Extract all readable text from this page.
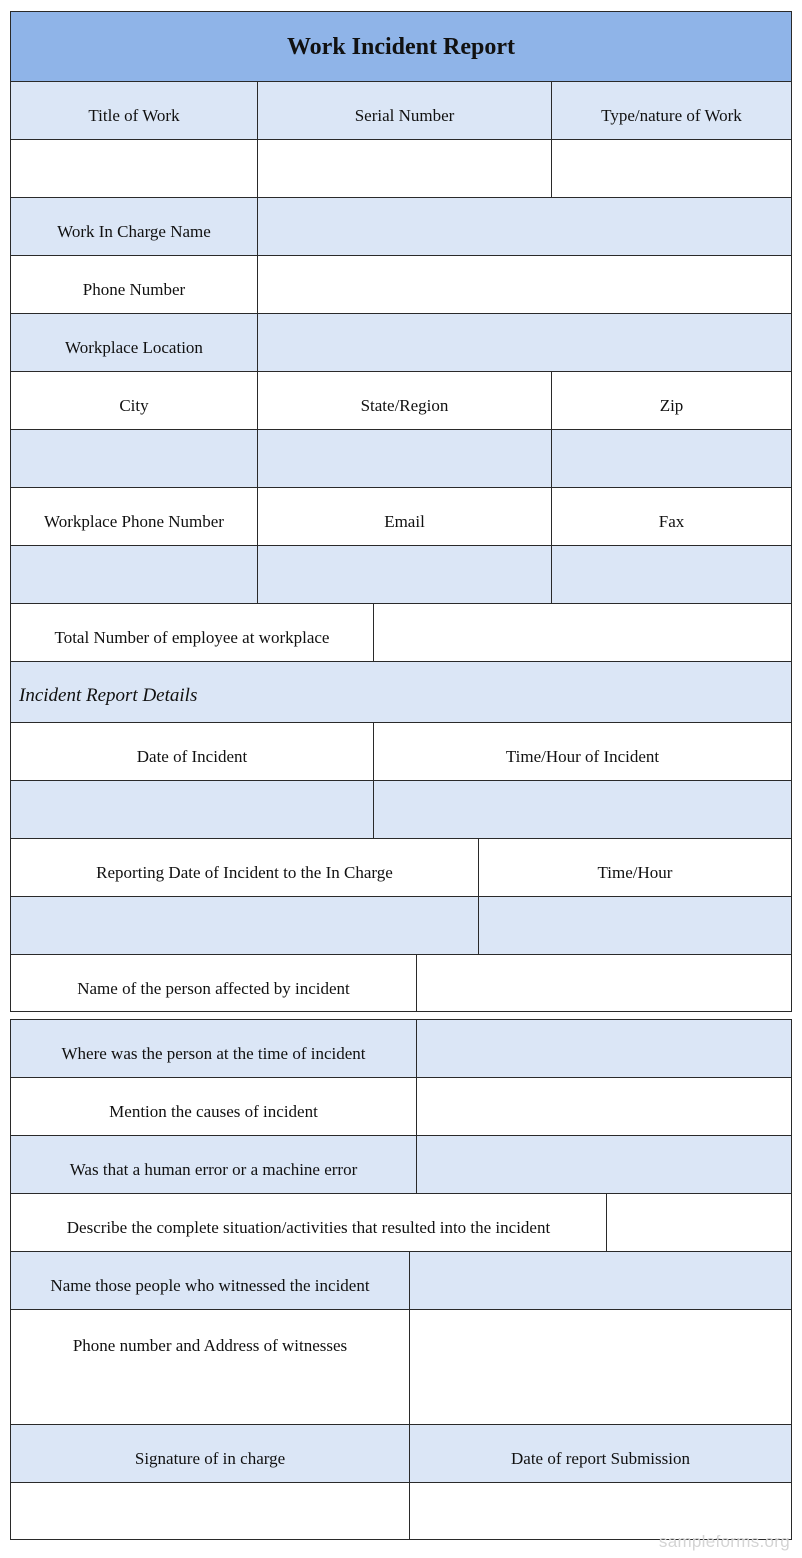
Work Incident Report
Title of Work	Serial Number	Type/nature of Work
Work In Charge Name
Phone Number
Workplace Location
City	State/Region	Zip
Workplace Phone Number	Email	Fax
Total Number of employee at workplace
Incident Report Details
Date of Incident	Time/Hour of Incident
Reporting Date of Incident to the In Charge	Time/Hour
Name of the person affected by incident
Where was the person at the time of incident
Mention the causes of incident
Was that a human error or a machine error
Describe the complete situation/activities that resulted into the incident
Name those people who witnessed the incident
Phone number and Address of witnesses
Signature of in charge	Date of report Submission
sampleforms.org
